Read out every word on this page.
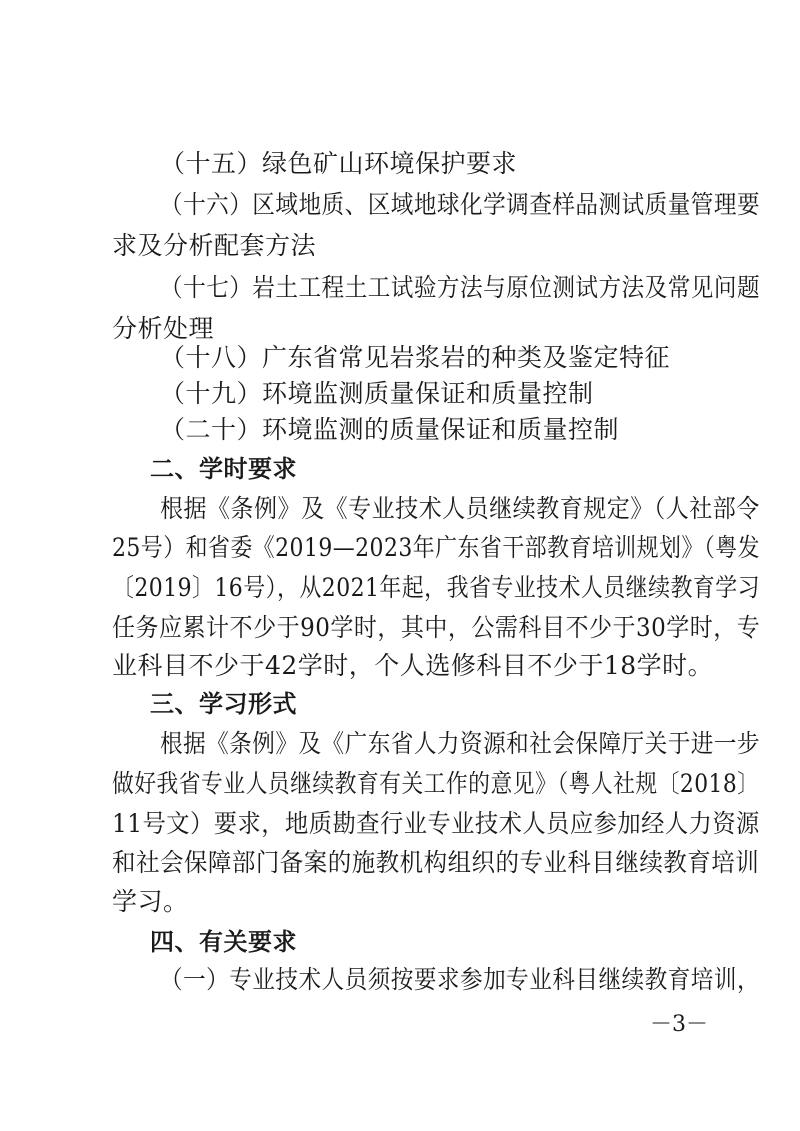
（十五）绿色矿山环境保护要求
（十六）区域地质、区域地球化学调查样品测试质量管理要
求及分析配套方法
（十七）岩土工程土工试验方法与原位测试方法及常见问题
分析处理
（十八）广东省常见岩浆岩的种类及鉴定特征
（十九）环境监测质量保证和质量控制
（二十）环境监测的质量保证和质量控制
二、学时要求
根据《条例》及《专业技术人员继续教育规定》（人社部令
25号）和省委《2019—2023年广东省干部教育培训规划》（粤发
〔2019〕16号），从2021年起，我省专业技术人员继续教育学习
任务应累计不少于90学时，其中，公需科目不少于30学时，专
业科目不少于42学时，个人选修科目不少于18学时。
三、学习形式
根据《条例》及《广东省人力资源和社会保障厅关于进一步
做好我省专业人员继续教育有关工作的意见》（粤人社规〔2018〕
11号文）要求，地质勘查行业专业技术人员应参加经人力资源
和社会保障部门备案的施教机构组织的专业科目继续教育培训
学习。
四、有关要求
（一）专业技术人员须按要求参加专业科目继续教育培训，
－3－
